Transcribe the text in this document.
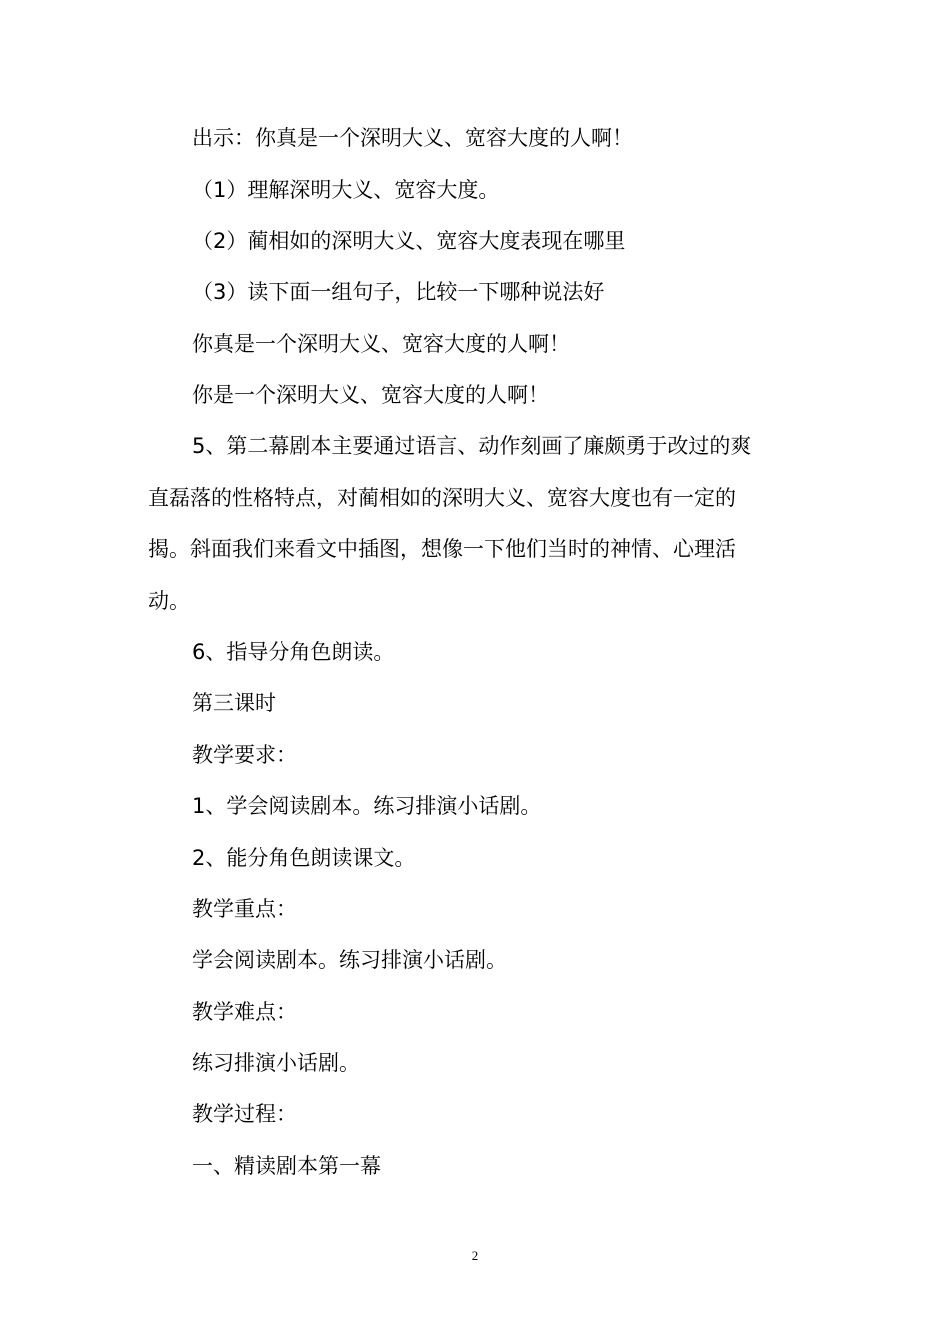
出示：你真是一个深明大义、宽容大度的人啊！
（1）理解深明大义、宽容大度。
（2）蔺相如的深明大义、宽容大度表现在哪里
（3）读下面一组句子，比较一下哪种说法好
你真是一个深明大义、宽容大度的人啊！
你是一个深明大义、宽容大度的人啊！
5、第二幕剧本主要通过语言、动作刻画了廉颇勇于改过的爽
直磊落的性格特点，对蔺相如的深明大义、宽容大度也有一定的
揭。斜面我们来看文中插图，想像一下他们当时的神情、心理活
动。
6、指导分角色朗读。
第三课时
教学要求：
1、学会阅读剧本。练习排演小话剧。
2、能分角色朗读课文。
教学重点：
学会阅读剧本。练习排演小话剧。
教学难点：
练习排演小话剧。
教学过程：
一、精读剧本第一幕
2
